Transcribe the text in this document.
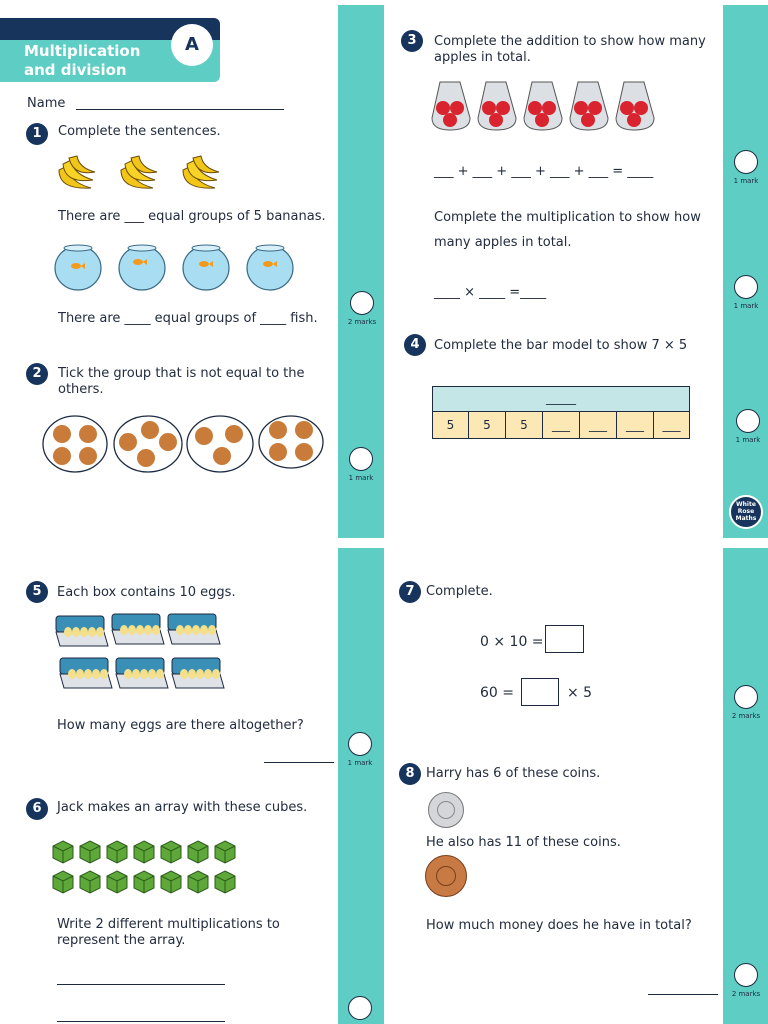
Multiplication
and division
A
Name
1	Complete the sentences.
There are ___ equal groups of 5 bananas.
There are ____ equal groups of ____ fish.	2 marks
2	Tick the group that is not equal to the
others.
1 mark
3	Complete the addition to show how many
apples in total.
___ + ___ + ___ + ___ + ___ = ____
1 mark
Complete the multiplication to show how
many apples in total.
____ × ____ =____
1 mark
4	Complete the bar model to show 7 × 5
_____
5	5	5	___	___	___	___
1 mark
White
Rose
Maths
5	Each box contains 10 eggs.
How many eggs are there altogether?
1 mark
6	Jack makes an array with these cubes.
Write 2 different multiplications to
represent the array.
7 Complete.
0 × 10 =
60 =	× 5
2 marks
8 Harry has 6 of these coins.
He also has 11 of these coins.
How much money does he have in total?
2 marks
